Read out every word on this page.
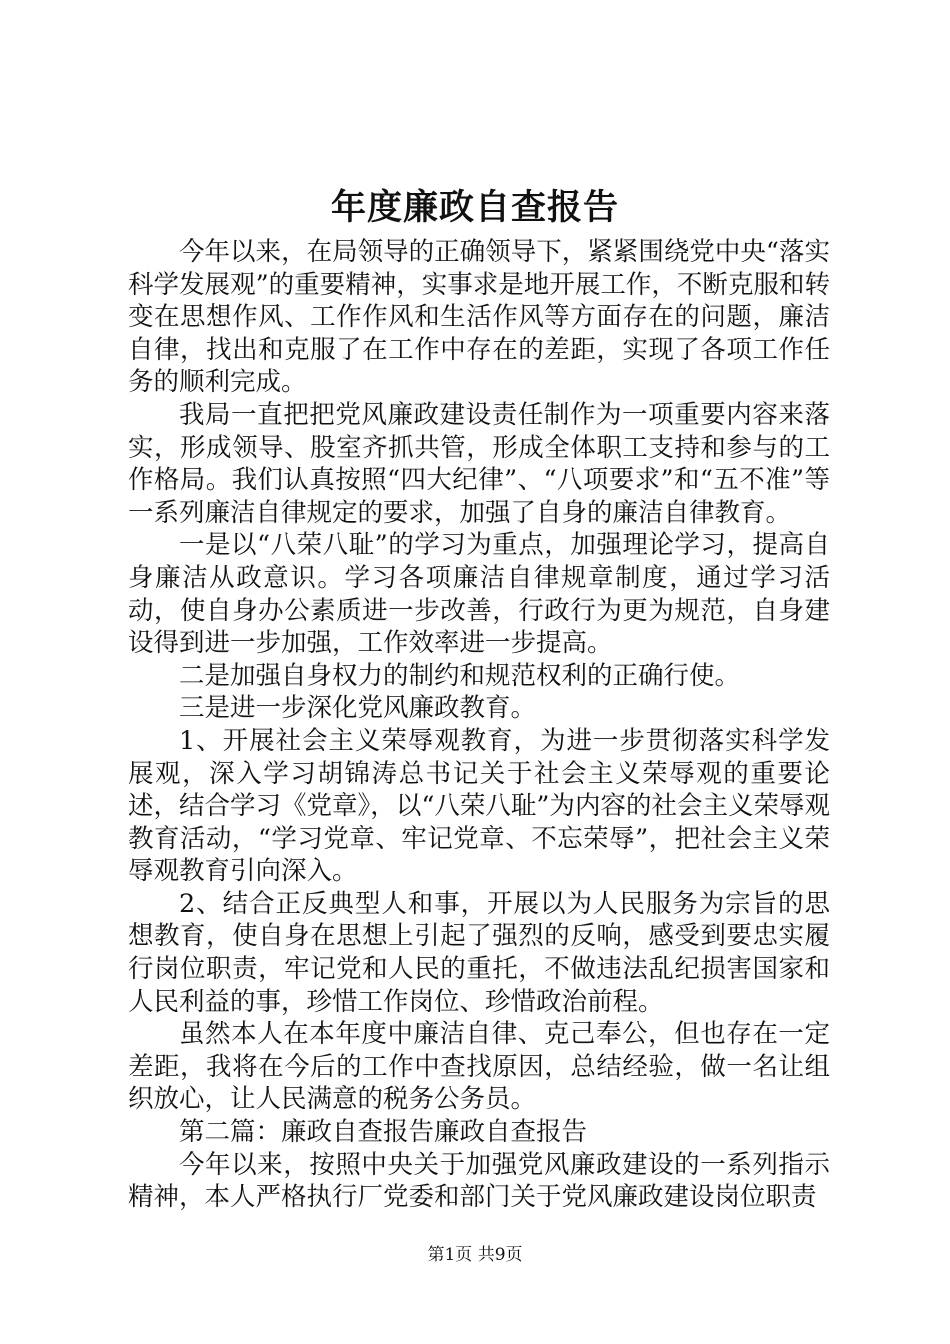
年度廉政自查报告

今年以来，在局领导的正确领导下，紧紧围绕党中央“落实科学发展观”的重要精神，实事求是地开展工作，不断克服和转变在思想作风、工作作风和生活作风等方面存在的问题，廉洁自律，找出和克服了在工作中存在的差距，实现了各项工作任务的顺利完成。

我局一直把把党风廉政建设责任制作为一项重要内容来落实，形成领导、股室齐抓共管，形成全体职工支持和参与的工作格局。我们认真按照“四大纪律”、“八项要求”和“五不准”等一系列廉洁自律规定的要求，加强了自身的廉洁自律教育。

一是以“八荣八耻”的学习为重点，加强理论学习，提高自身廉洁从政意识。学习各项廉洁自律规章制度，通过学习活动，使自身办公素质进一步改善，行政行为更为规范，自身建设得到进一步加强，工作效率进一步提高。

二是加强自身权力的制约和规范权利的正确行使。

三是进一步深化党风廉政教育。

1、开展社会主义荣辱观教育，为进一步贯彻落实科学发展观，深入学习胡锦涛总书记关于社会主义荣辱观的重要论述，结合学习《党章》，以“八荣八耻”为内容的社会主义荣辱观教育活动，“学习党章、牢记党章、不忘荣辱”，把社会主义荣辱观教育引向深入。

2、结合正反典型人和事，开展以为人民服务为宗旨的思想教育，使自身在思想上引起了强烈的反响，感受到要忠实履行岗位职责，牢记党和人民的重托，不做违法乱纪损害国家和人民利益的事，珍惜工作岗位、珍惜政治前程。

虽然本人在本年度中廉洁自律、克己奉公，但也存在一定差距，我将在今后的工作中查找原因，总结经验，做一名让组织放心，让人民满意的税务公务员。

第二篇：廉政自查报告廉政自查报告

今年以来，按照中央关于加强党风廉政建设的一系列指示精神，本人严格执行厂党委和部门关于党风廉政建设岗位职责

第1页 共9页
